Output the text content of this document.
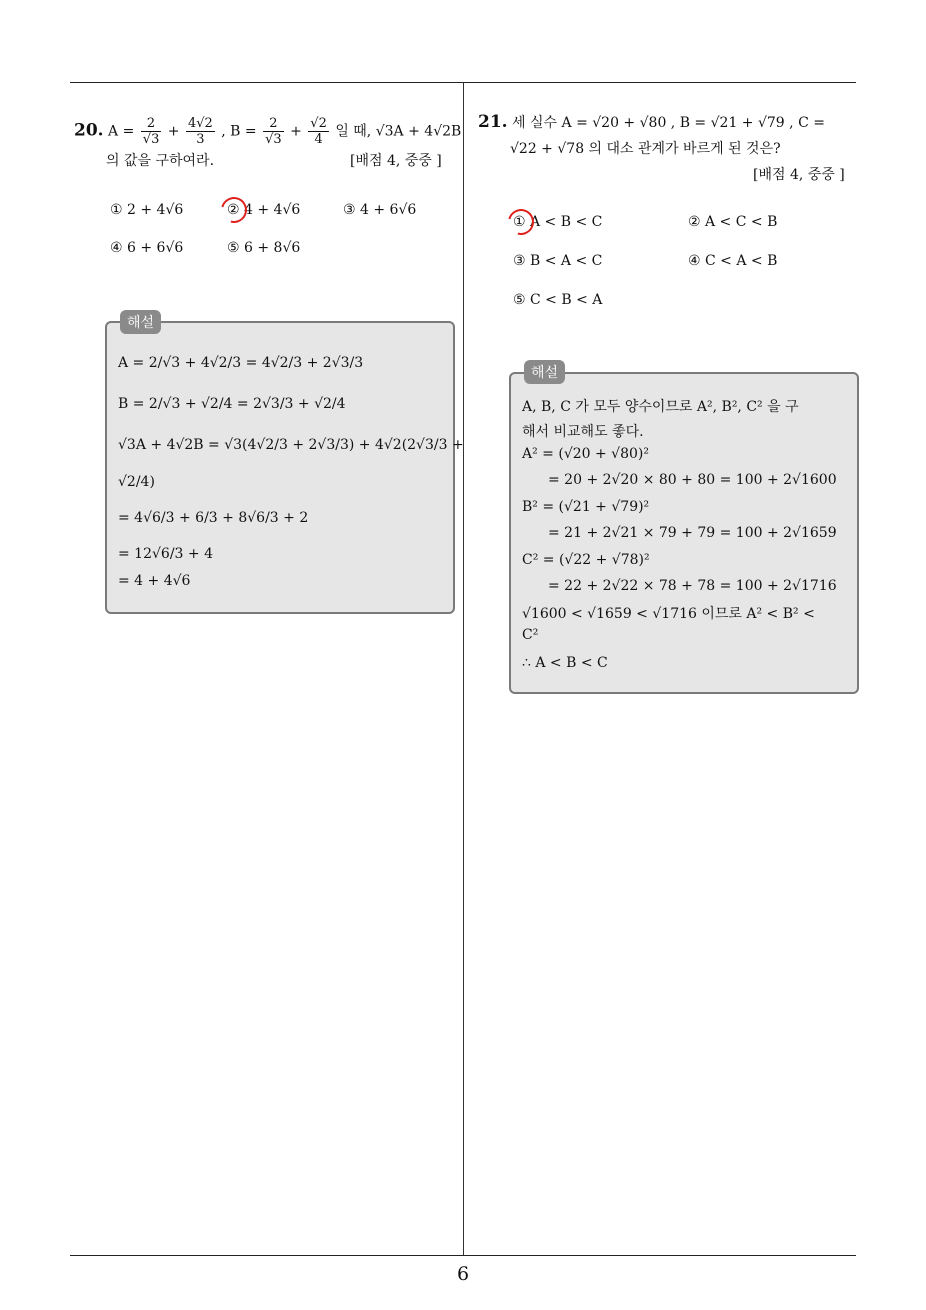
6
20. $A = \frac{2}{√3} + \frac{4√2}{3}$ , $B = \frac{2}{√3} + \frac{√2}{4}$ 일 때, √3A + 4√2B
의 값을 구하여라.	[배점 4, 중중 ]
① 2 + 4√6	② 4 + 4√6	③ 4 + 6√6
④ 6 + 6√6	⑤ 6 + 8√6
해설
A = 2/√3 + 4√2/3 = 4√2/3 + 2√3/3
B = 2/√3 + √2/4 = 2√3/3 + √2/4
√3A + 4√2B = √3(4√2/3 + 2√3/3) + 4√2(2√3/3 +
√2/4)
= 4√6/3 + 6/3 + 8√6/3 + 2
= 12√6/3 + 4
= 4 + 4√6
21. 세 실수 A = √20 + √80 , B = √21 + √79 , C =
√22 + √78 의 대소 관계가 바르게 된 것은?
[배점 4, 중중 ]
① A < B < C	② A < C < B
③ B < A < C	④ C < A < B
⑤ C < B < A
해설
A, B, C 가 모두 양수이므로 A², B², C² 을 구
해서 비교해도 좋다.
A² = (√20 + √80)²
= 20 + 2√20 × 80 + 80 = 100 + 2√1600
B² = (√21 + √79)²
= 21 + 2√21 × 79 + 79 = 100 + 2√1659
C² = (√22 + √78)²
= 22 + 2√22 × 78 + 78 = 100 + 2√1716
√1600 < √1659 < √1716 이므로 A² < B² <
C²
∴ A < B < C
